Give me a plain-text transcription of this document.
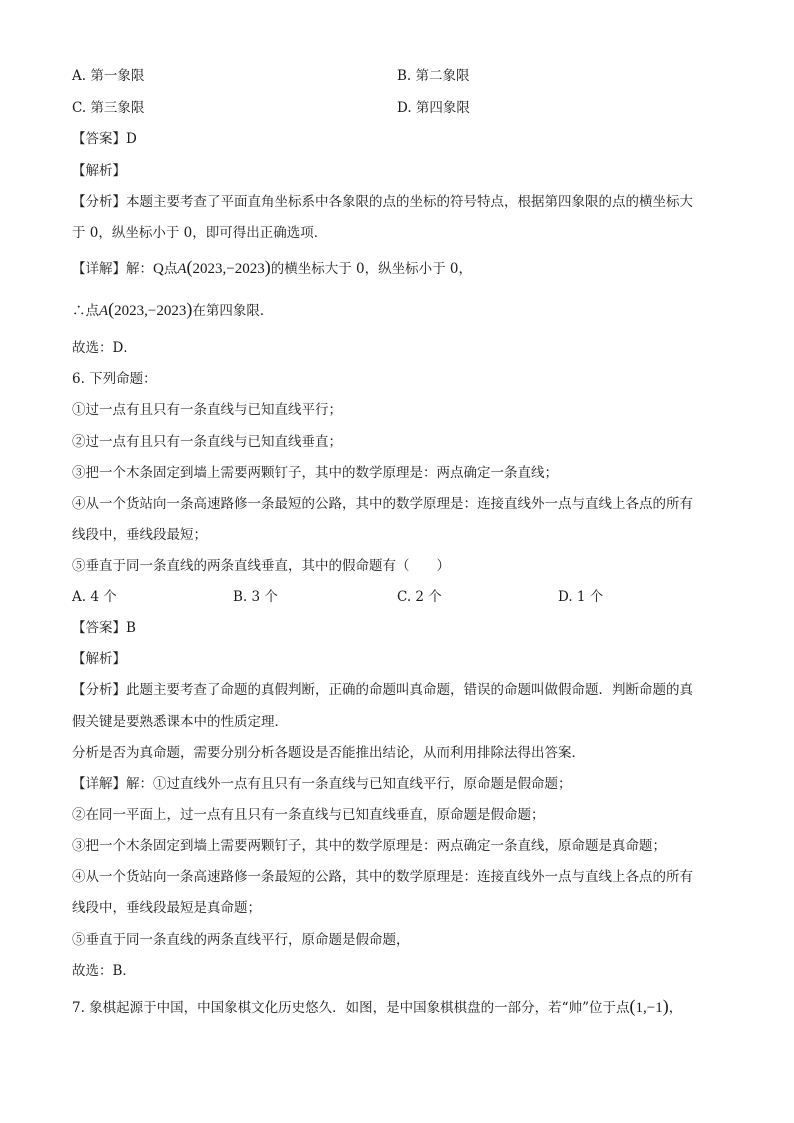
A. 第一象限	B. 第二象限
C. 第三象限	D. 第四象限
【答案】D
【解析】
【分析】本题主要考查了平面直角坐标系中各象限的点的坐标的符号特点，根据第四象限的点的横坐标大
于 0，纵坐标小于 0，即可得出正确选项．
【详解】解：Q点A(2023,−2023)的横坐标大于 0，纵坐标小于 0，
∴点A(2023,−2023)在第四象限．
故选：D．
6. 下列命题：
①过一点有且只有一条直线与已知直线平行；
②过一点有且只有一条直线与已知直线垂直；
③把一个木条固定到墙上需要两颗钉子，其中的数学原理是：两点确定一条直线；
④从一个货站向一条高速路修一条最短的公路，其中的数学原理是：连接直线外一点与直线上各点的所有
线段中，垂线段最短；
⑤垂直于同一条直线的两条直线垂直，其中的假命题有（　　）
A. 4 个	B. 3 个	C. 2 个	D. 1 个
【答案】B
【解析】
【分析】此题主要考查了命题的真假判断，正确的命题叫真命题，错误的命题叫做假命题．判断命题的真
假关键是要熟悉课本中的性质定理．
分析是否为真命题，需要分别分析各题设是否能推出结论，从而利用排除法得出答案．
【详解】解：①过直线外一点有且只有一条直线与已知直线平行，原命题是假命题；
②在同一平面上，过一点有且只有一条直线与已知直线垂直，原命题是假命题；
③把一个木条固定到墙上需要两颗钉子，其中的数学原理是：两点确定一条直线，原命题是真命题；
④从一个货站向一条高速路修一条最短的公路，其中的数学原理是：连接直线外一点与直线上各点的所有
线段中，垂线段最短是真命题；
⑤垂直于同一条直线的两条直线平行，原命题是假命题，
故选：B．
7. 象棋起源于中国，中国象棋文化历史悠久．如图，是中国象棋棋盘的一部分，若“帅”位于点(1,−1)，
